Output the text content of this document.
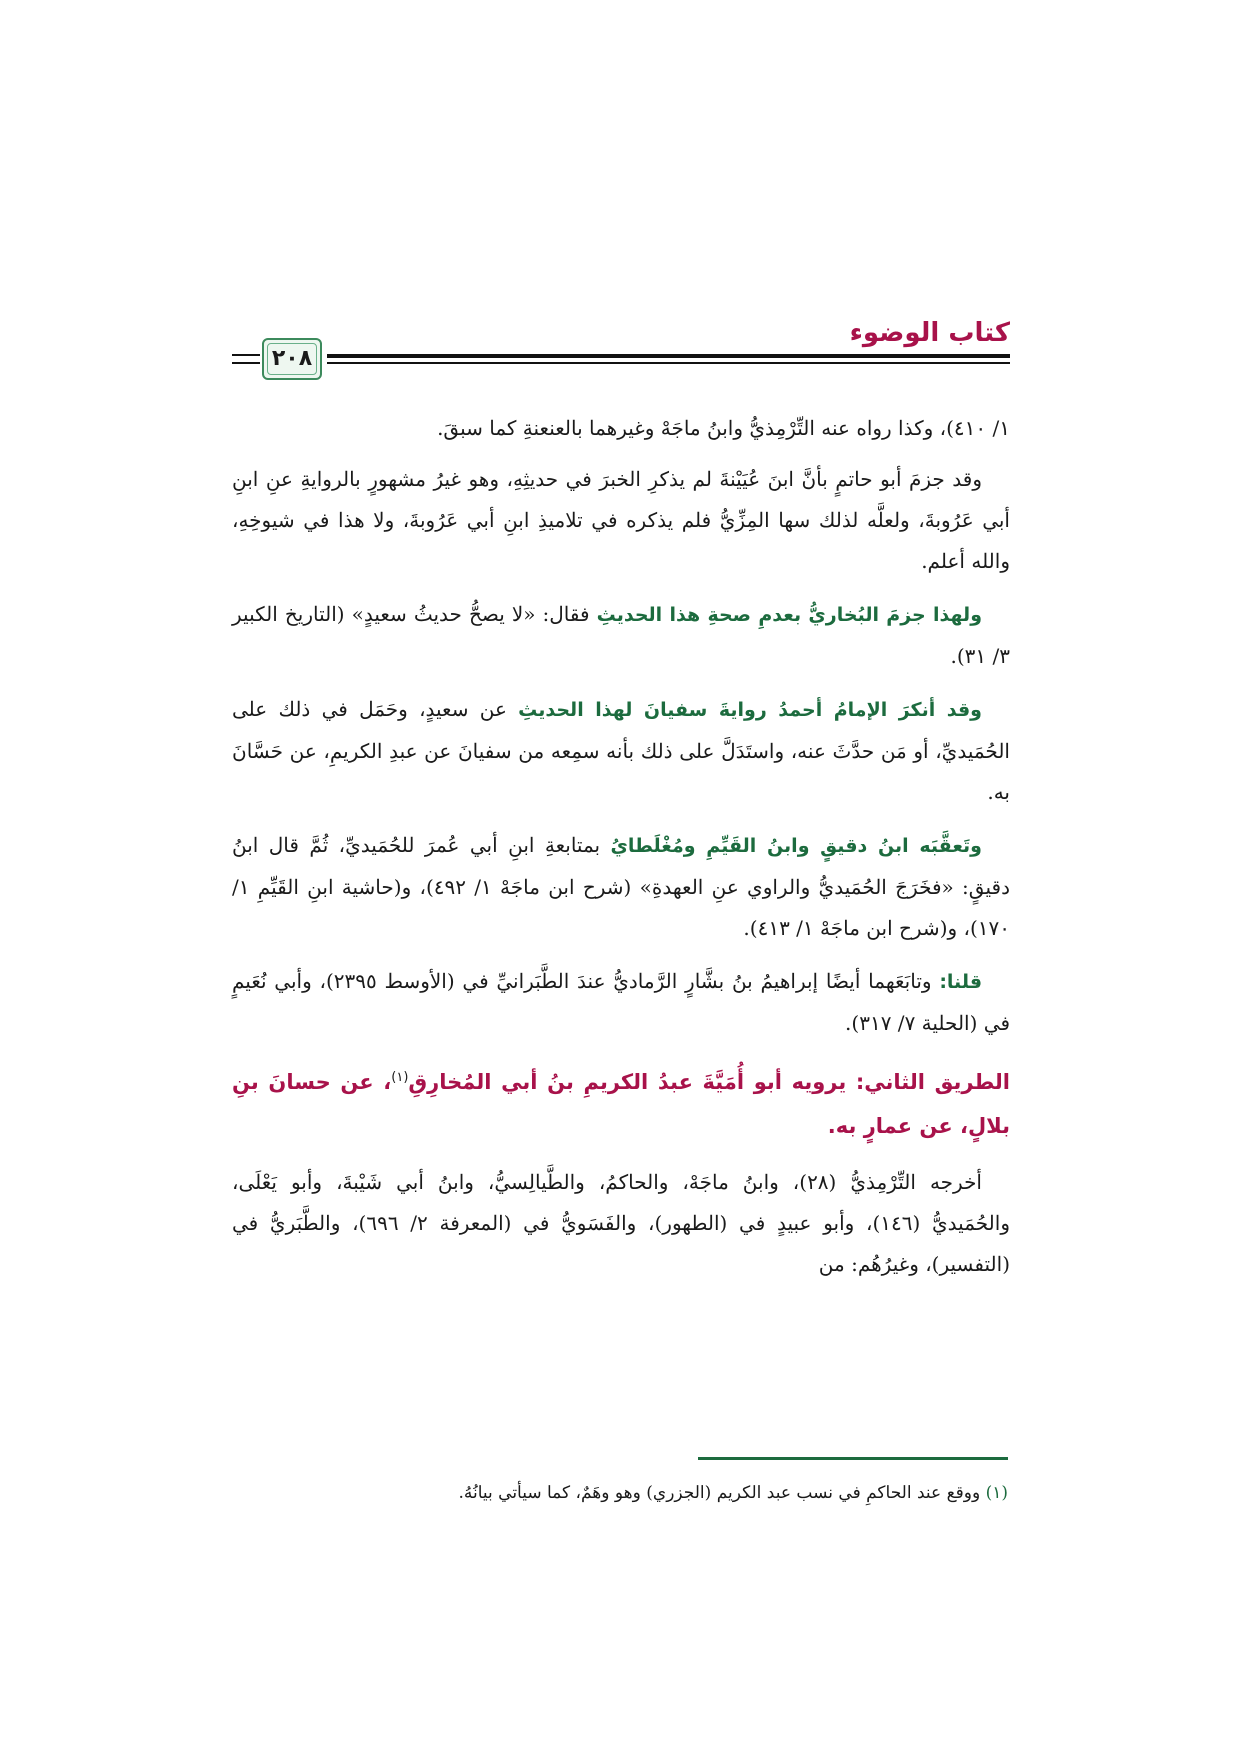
كتاب الوضوء
٢٠٨

١/ ٤١٠)، وكذا رواه عنه التِّرْمِذيُّ وابنُ ماجَهْ وغيرهما بالعنعنةِ كما سبقَ.

وقد جزمَ أبو حاتمٍ بأنَّ ابنَ عُيَيْنةَ لم يذكرِ الخبرَ في حديثِهِ، وهو غيرُ مشهورٍ بالروايةِ عنِ ابنِ أبي عَرُوبةَ، ولعلَّه لذلك سها المِزِّيُّ فلم يذكره في تلاميذِ ابنِ أبي عَرُوبةَ، ولا هذا في شيوخِهِ، والله أعلم.

ولهذا جزمَ البُخاريُّ بعدمِ صحةِ هذا الحديثِ فقال: «لا يصحُّ حديثُ سعيدٍ» (التاريخ الكبير ٣/ ٣١).

وقد أنكرَ الإمامُ أحمدُ روايةَ سفيانَ لهذا الحديثِ عن سعيدٍ، وحَمَل في ذلك على الحُمَيديِّ، أو مَن حدَّثَ عنه، واستَدَلَّ على ذلك بأنه سمِعه من سفيانَ عن عبدِ الكريمِ، عن حَسَّانَ به.

وتَعقَّبَه ابنُ دقيقٍ وابنُ القَيِّمِ ومُغْلَطايُ بمتابعةِ ابنِ أبي عُمرَ للحُمَيديِّ، ثُمَّ قال ابنُ دقيقٍ: «فخَرَجَ الحُمَيديُّ والراوي عنِ العهدةِ» (شرح ابن ماجَهْ ١/ ٤٩٢)، و(حاشية ابنِ القَيِّمِ ١/ ١٧٠)، و(شرح ابن ماجَهْ ١/ ٤١٣).

قلنا: وتابَعَهما أيضًا إبراهيمُ بنُ بشَّارٍ الرَّماديُّ عندَ الطَّبَرانيِّ في (الأوسط ٢٣٩٥)، وأبي نُعَيمٍ في (الحلية ٧/ ٣١٧).

الطريق الثاني: يرويه أبو أُمَيَّةَ عبدُ الكريمِ بنُ أبي المُخارِقِ$^{(١)}$، عن حسانَ بنِ بلالٍ، عن عمارٍ به.

أخرجه التِّرْمِذيُّ (٢٨)، وابنُ ماجَهْ، والحاكمُ، والطَّيالِسيُّ، وابنُ أبي شَيْبةَ، وأبو يَعْلَى، والحُمَيديُّ (١٤٦)، وأبو عبيدٍ في (الطهور)، والفَسَويُّ في (المعرفة ٢/ ٦٩٦)، والطَّبَريُّ في (التفسير)، وغيرُهُم: من

(١) ووقع عند الحاكمِ في نسب عبد الكريم (الجزري) وهو وهَمٌ، كما سيأتي بيانُهُ.
